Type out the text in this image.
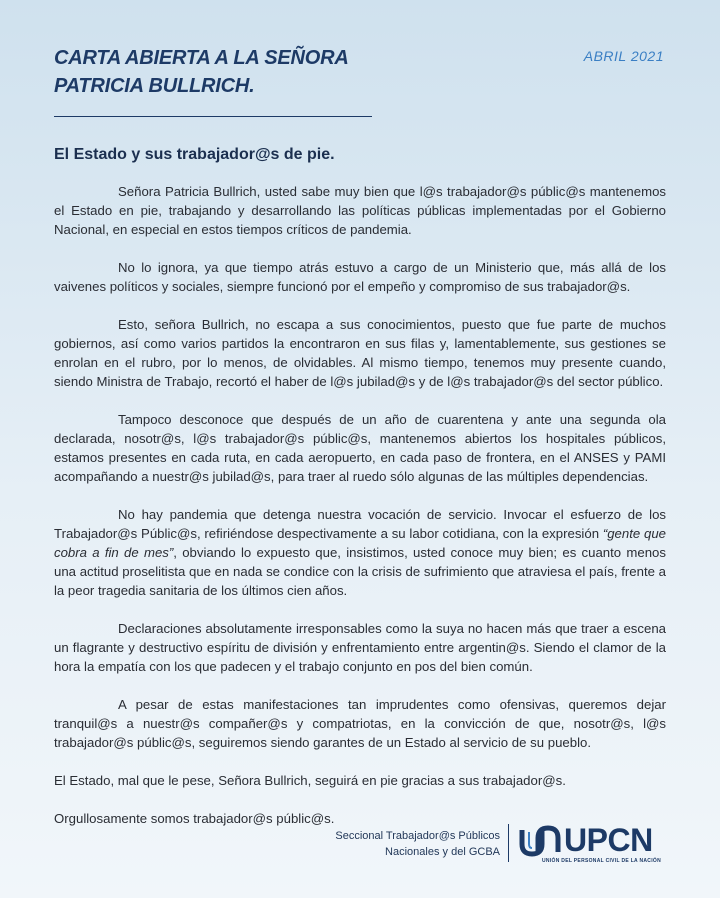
CARTA ABIERTA A LA SEÑORA
PATRICIA BULLRICH.
ABRIL 2021
El Estado y sus trabajador@s de pie.

Señora Patricia Bullrich, usted sabe muy bien que l@s trabajador@s públic@s mantenemos el Estado en pie, trabajando y desarrollando las políticas públicas implementadas por el Gobierno Nacional, en especial en estos tiempos críticos de pandemia.

No lo ignora, ya que tiempo atrás estuvo a cargo de un Ministerio que, más allá de los vaivenes políticos y sociales, siempre funcionó por el empeño y compromiso de sus trabajador@s.

Esto, señora Bullrich, no escapa a sus conocimientos, puesto que fue parte de muchos gobiernos, así como varios partidos la encontraron en sus filas y, lamentablemente, sus gestiones se enrolan en el rubro, por lo menos, de olvidables. Al mismo tiempo, tenemos muy presente cuando, siendo Ministra de Trabajo, recortó el haber de l@s jubilad@s y de l@s trabajador@s del sector público.

Tampoco desconoce que después de un año de cuarentena y ante una segunda ola declarada, nosotr@s, l@s trabajador@s públic@s, mantenemos abiertos los hospitales públicos, estamos presentes en cada ruta, en cada aeropuerto, en cada paso de frontera, en el ANSES y PAMI acompañando a nuestr@s jubilad@s, para traer al ruedo sólo algunas de las múltiples dependencias.

No hay pandemia que detenga nuestra vocación de servicio. Invocar el esfuerzo de los Trabajador@s Públic@s, refiriéndose despectivamente a su labor cotidiana, con la expresión “gente que cobra a fin de mes”, obviando lo expuesto que, insistimos, usted conoce muy bien; es cuanto menos una actitud proselitista que en nada se condice con la crisis de sufrimiento que atraviesa el país, frente a la peor tragedia sanitaria de los últimos cien años.

Declaraciones absolutamente irresponsables como la suya no hacen más que traer a escena un flagrante y destructivo espíritu de división y enfrentamiento entre argentin@s. Siendo el clamor de la hora la empatía con los que padecen y el trabajo conjunto en pos del bien común.

A pesar de estas manifestaciones tan imprudentes como ofensivas, queremos dejar tranquil@s a nuestr@s compañer@s y compatriotas, en la convicción de que, nosotr@s, l@s trabajador@s públic@s, seguiremos siendo garantes de un Estado al servicio de su pueblo.

El Estado, mal que le pese, Señora Bullrich, seguirá en pie gracias a sus trabajador@s.

Orgullosamente somos trabajador@s públic@s.

Seccional Trabajador@s Públicos
Nacionales y del GCBA UPCN
UNIÓN DEL PERSONAL CIVIL DE LA NACIÓN
